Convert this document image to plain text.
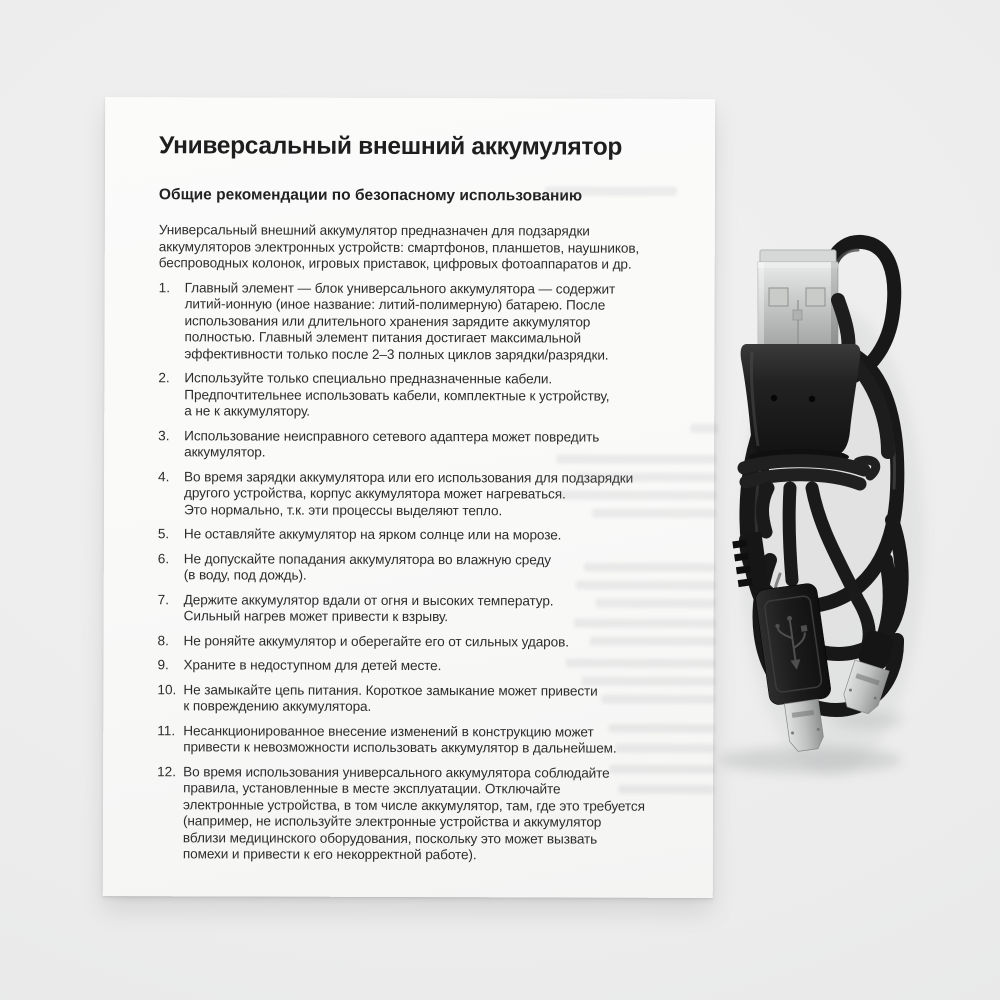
Универсальный внешний аккумулятор
Общие рекомендации по безопасному использованию
Универсальный внешний аккумулятор предназначен для подзарядки
аккумуляторов электронных устройств: смартфонов, планшетов, наушников,
беспроводных колонок, игровых приставок, цифровых фотоаппаратов и др.
1. Главный элемент — блок универсального аккумулятора — содержит
литий-ионную (иное название: литий-полимерную) батарею. После
использования или длительного хранения зарядите аккумулятор
полностью. Главный элемент питания достигает максимальной
эффективности только после 2–3 полных циклов зарядки/разрядки.
2. Используйте только специально предназначенные кабели.
Предпочтительнее использовать кабели, комплектные к устройству,
а не к аккумулятору.
3. Использование неисправного сетевого адаптера может повредить
аккумулятор.
4. Во время зарядки аккумулятора или его использования для подзарядки
другого устройства, корпус аккумулятора может нагреваться.
Это нормально, т.к. эти процессы выделяют тепло.
5. Не оставляйте аккумулятор на ярком солнце или на морозе.
6. Не допускайте попадания аккумулятора во влажную среду
(в воду, под дождь).
7. Держите аккумулятор вдали от огня и высоких температур.
Сильный нагрев может привести к взрыву.
8. Не роняйте аккумулятор и оберегайте его от сильных ударов.
9. Храните в недоступном для детей месте.
10. Не замыкайте цепь питания. Короткое замыкание может привести
к повреждению аккумулятора.
11. Несанкционированное внесение изменений в конструкцию может
привести к невозможности использовать аккумулятор в дальнейшем.
12. Во время использования универсального аккумулятора соблюдайте
правила, установленные в месте эксплуатации. Отключайте
электронные устройства, в том числе аккумулятор, там, где это требуется
(например, не используйте электронные устройства и аккумулятор
вблизи медицинского оборудования, поскольку это может вызвать
помехи и привести к его некорректной работе).
